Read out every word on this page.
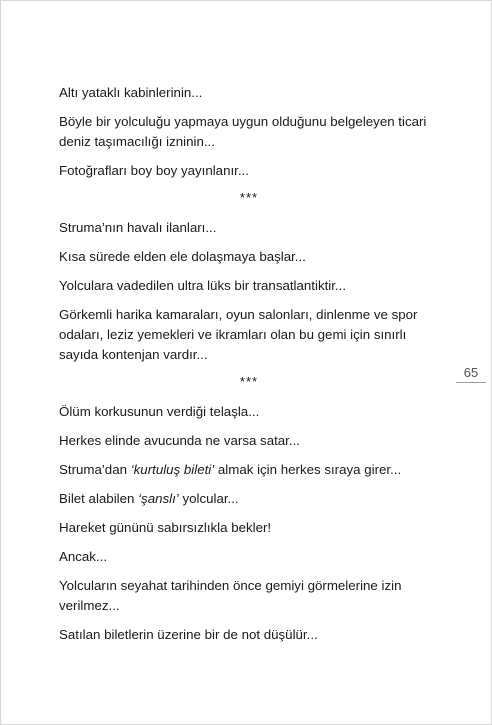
Altı yataklı kabinlerinin...

Böyle bir yolculuğu yapmaya uygun olduğunu belgeleyen ticari deniz taşımacılığı izninin...

Fotoğrafları boy boy yayınlanır...

***

Struma’nın havalı ilanları...

Kısa sürede elden ele dolaşmaya başlar...

Yolculara vadedilen ultra lüks bir transatlantiktir...

Görkemli harika kamaraları, oyun salonları, dinlenme ve spor odaları, leziz yemekleri ve ikramları olan bu gemi için sınırlı sayıda kontenjan vardır...

***

Ölüm korkusunun verdiği telaşla...

Herkes elinde avucunda ne varsa satar...

Struma’dan ‘kurtuluş bileti’ almak için herkes sıraya girer...

Bilet alabilen ‘şanslı’ yolcular...

Hareket gününü sabırsızlıkla bekler!

Ancak...

Yolcuların seyahat tarihinden önce gemiyi görmelerine izin verilmez...

Satılan biletlerin üzerine bir de not düşülür...

65
